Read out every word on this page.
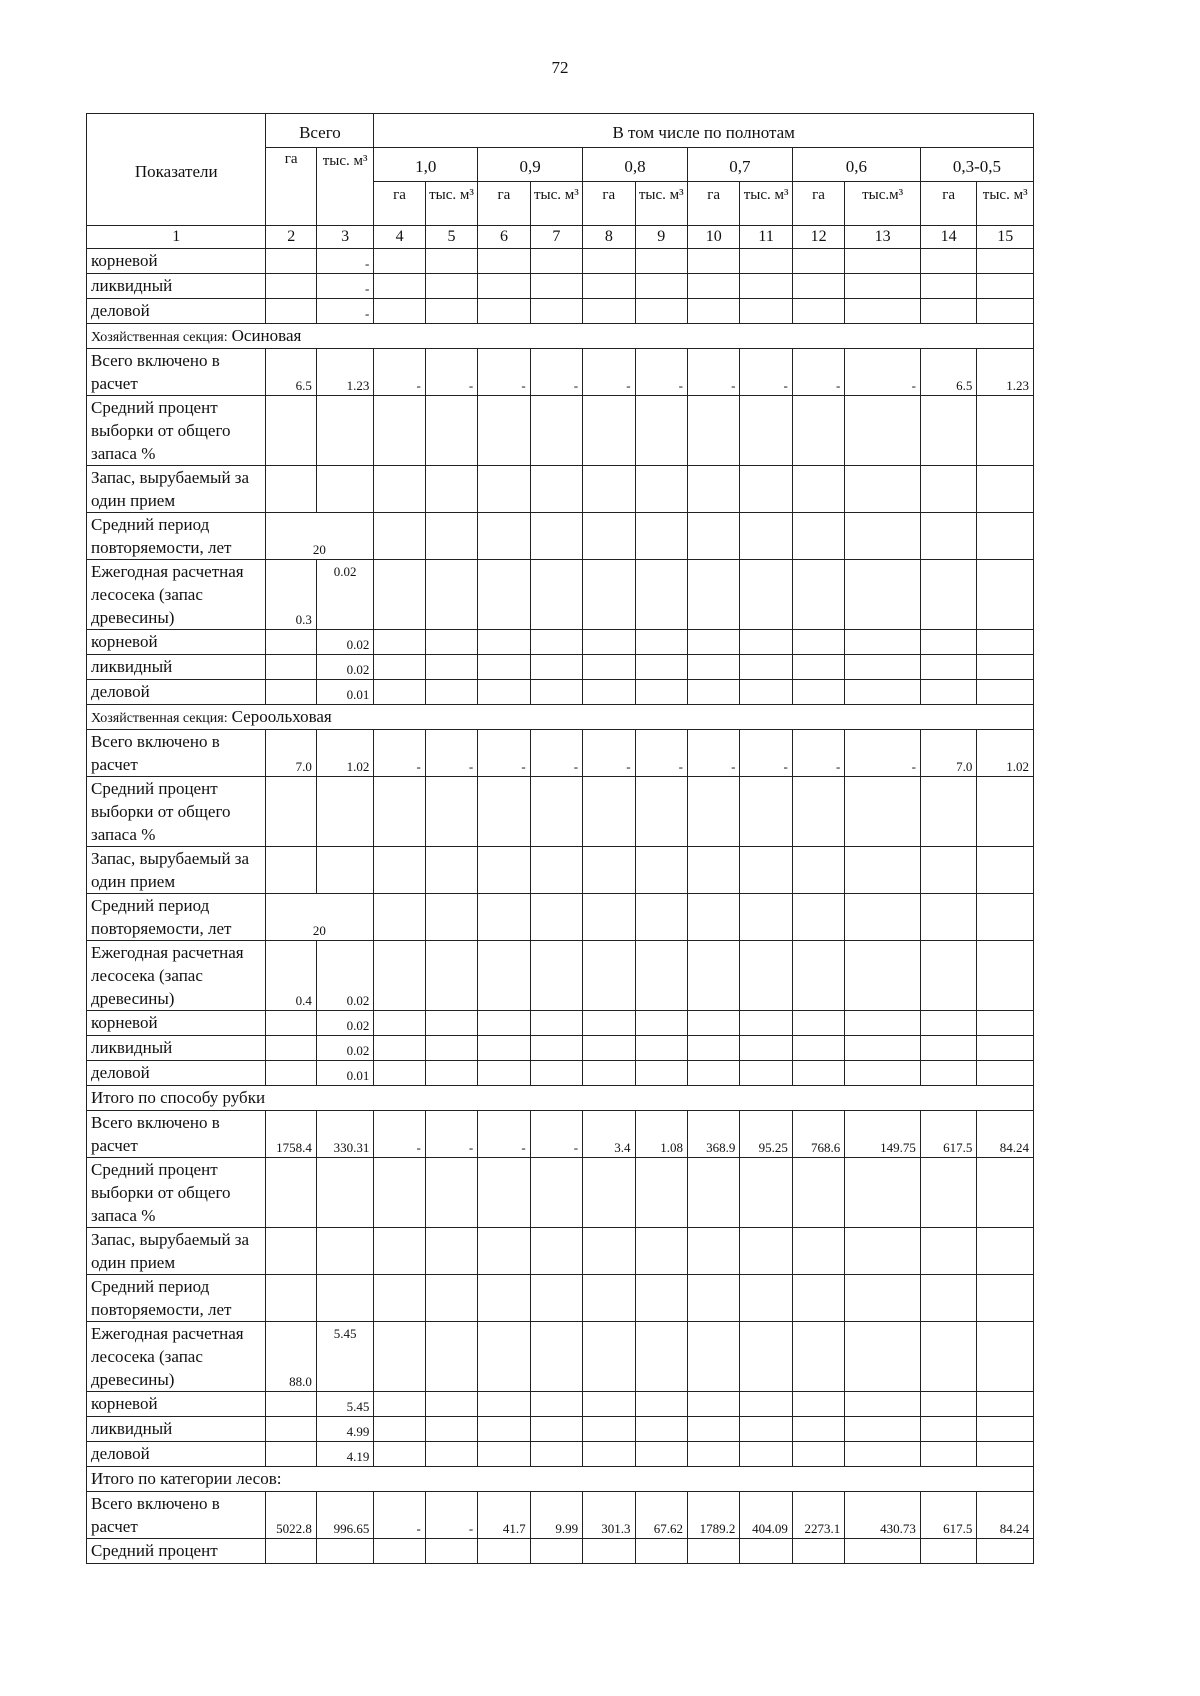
72
Показатели	Всего		В том числе по полнотам											
	га	тыс. м³	1,0		0,9		0,8		0,7		0,6		0,3-0,5	
			га	тыс. м³	га	тыс. м³	га	тыс. м³	га	тыс. м³	га	тыс.м³	га	тыс. м³
1	2	3	4	5	6	7	8	9	10	11	12	13	14	15
корневой		-												
ликвидный		-												
деловой		-												
Хозяйственная секция: Осиновая														
Всего включено в расчет	6.5	1.23	-	-	-	-	-	-	-	-	-	-	6.5	1.23
Средний процент выборки от общего запаса %														
Запас, вырубаемый за один прием														
Средний период повторяемости, лет	20													
Ежегодная расчетная лесосека (запас древесины)	0.3	0.02												
корневой		0.02												
ликвидный		0.02												
деловой		0.01												
Хозяйственная секция: Сероольховая														
Всего включено в расчет	7.0	1.02	-	-	-	-	-	-	-	-	-	-	7.0	1.02
Средний процент выборки от общего запаса %														
Запас, вырубаемый за один прием														
Средний период повторяемости, лет	20													
Ежегодная расчетная лесосека (запас древесины)	0.4	0.02												
корневой		0.02												
ликвидный		0.02												
деловой		0.01												
Итого по способу рубки														
Всего включено в расчет	1758.4	330.31	-	-	-	-	3.4	1.08	368.9	95.25	768.6	149.75	617.5	84.24
Средний процент выборки от общего запаса %														
Запас, вырубаемый за один прием														
Средний период повторяемости, лет														
Ежегодная расчетная лесосека (запас древесины)	88.0	5.45												
корневой		5.45												
ликвидный		4.99												
деловой		4.19												
Итого по категории лесов:														
Всего включено в расчет	5022.8	996.65	-	-	41.7	9.99	301.3	67.62	1789.2	404.09	2273.1	430.73	617.5	84.24
Средний процент														
